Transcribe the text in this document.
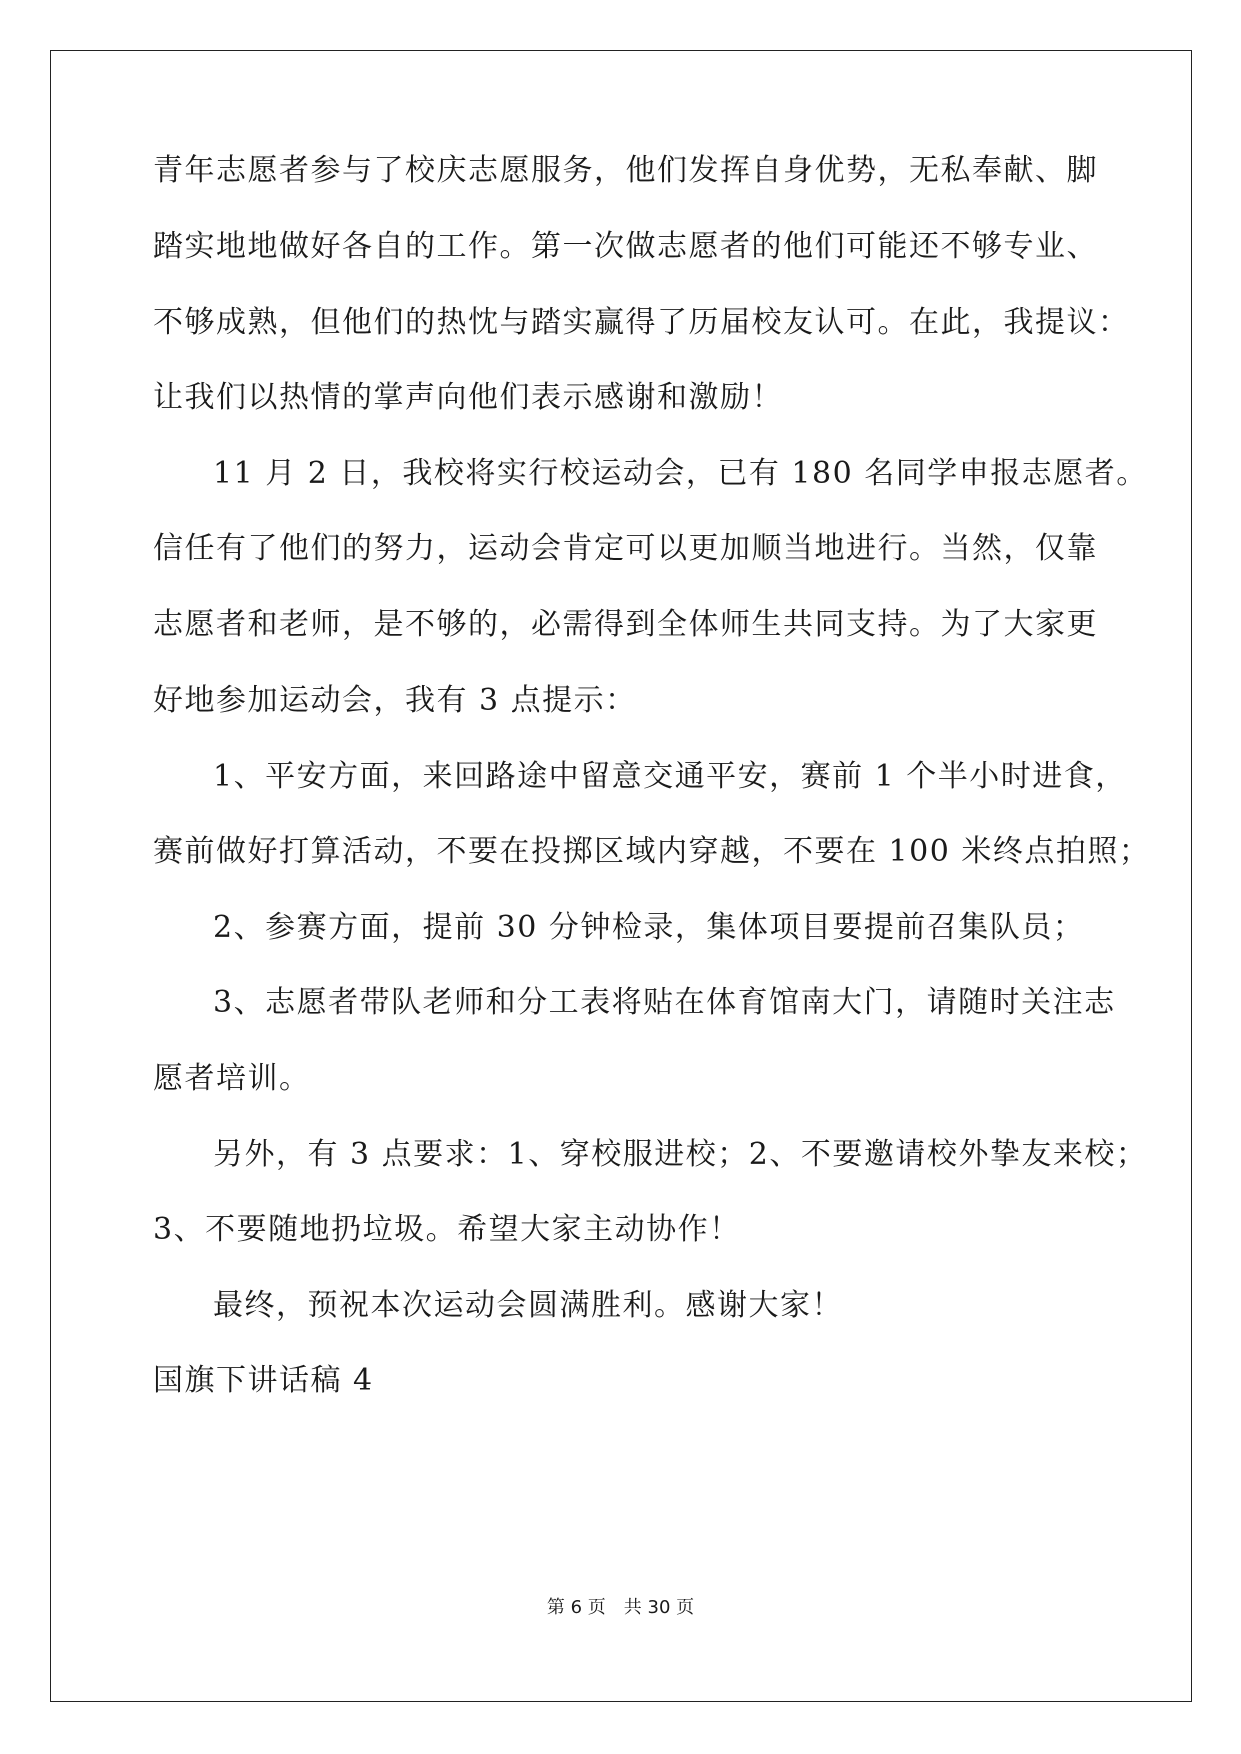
青年志愿者参与了校庆志愿服务，他们发挥自身优势，无私奉献、脚
踏实地地做好各自的工作。第一次做志愿者的他们可能还不够专业、
不够成熟，但他们的热忱与踏实赢得了历届校友认可。在此，我提议：
让我们以热情的掌声向他们表示感谢和激励！
11 月 2 日，我校将实行校运动会，已有 180 名同学申报志愿者。
信任有了他们的努力，运动会肯定可以更加顺当地进行。当然，仅靠
志愿者和老师，是不够的，必需得到全体师生共同支持。为了大家更
好地参加运动会，我有 3 点提示：
1、平安方面，来回路途中留意交通平安，赛前 1 个半小时进食，
赛前做好打算活动，不要在投掷区域内穿越，不要在 100 米终点拍照；
2、参赛方面，提前 30 分钟检录，集体项目要提前召集队员；
3、志愿者带队老师和分工表将贴在体育馆南大门，请随时关注志
愿者培训。
另外，有 3 点要求：1、穿校服进校；2、不要邀请校外挚友来校；
3、不要随地扔垃圾。希望大家主动协作！
最终，预祝本次运动会圆满胜利。感谢大家！
国旗下讲话稿 4
第 6 页　共 30 页
